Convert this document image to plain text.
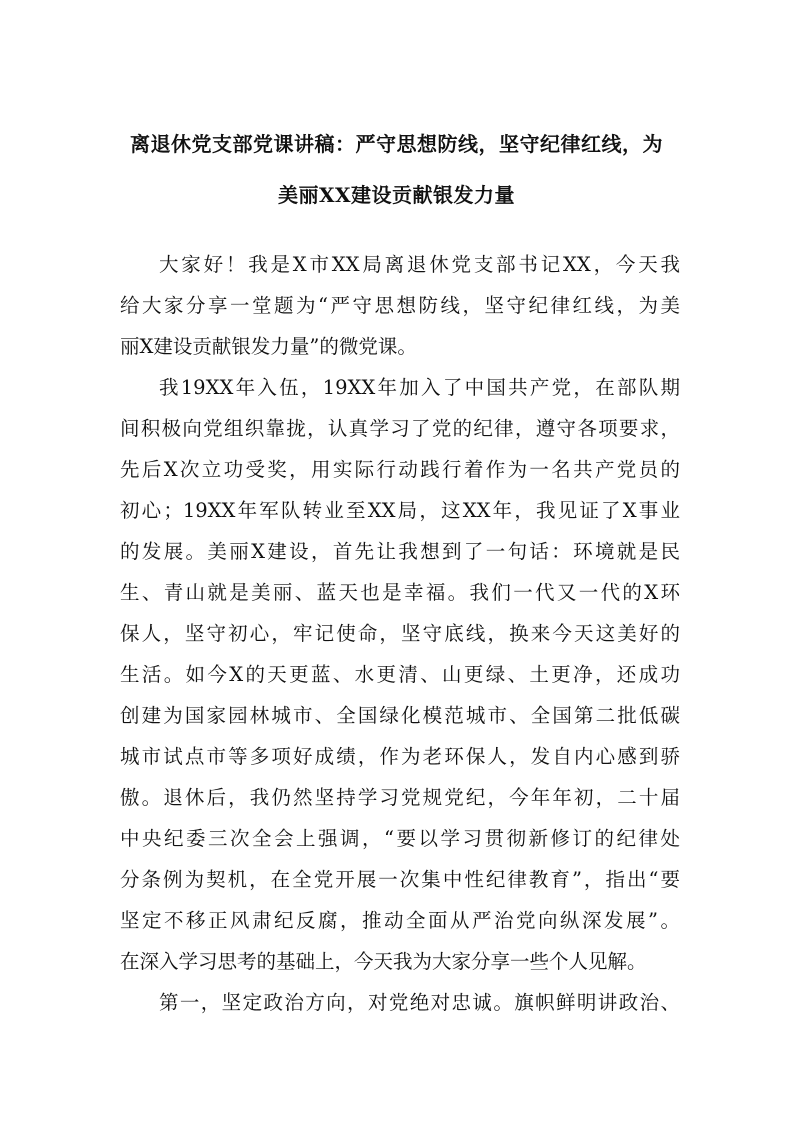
离退休党支部党课讲稿：严守思想防线，坚守纪律红线，为
美丽XX建设贡献银发力量
大家好！我是X市XX局离退休党支部书记XX，今天我
给大家分享一堂题为“严守思想防线，坚守纪律红线，为美
丽X建设贡献银发力量”的微党课。
我19XX年入伍，19XX年加入了中国共产党，在部队期
间积极向党组织靠拢，认真学习了党的纪律，遵守各项要求，
先后X次立功受奖，用实际行动践行着作为一名共产党员的
初心；19XX年军队转业至XX局，这XX年，我见证了X事业
的发展。美丽X建设，首先让我想到了一句话：环境就是民
生、青山就是美丽、蓝天也是幸福。我们一代又一代的X环
保人，坚守初心，牢记使命，坚守底线，换来今天这美好的
生活。如今X的天更蓝、水更清、山更绿、土更净，还成功
创建为国家园林城市、全国绿化模范城市、全国第二批低碳
城市试点市等多项好成绩，作为老环保人，发自内心感到骄
傲。退休后，我仍然坚持学习党规党纪，今年年初，二十届
中央纪委三次全会上强调，“要以学习贯彻新修订的纪律处
分条例为契机，在全党开展一次集中性纪律教育”，指出“要
坚定不移正风肃纪反腐，推动全面从严治党向纵深发展”。
在深入学习思考的基础上，今天我为大家分享一些个人见解。
第一，坚定政治方向，对党绝对忠诚。旗帜鲜明讲政治、
